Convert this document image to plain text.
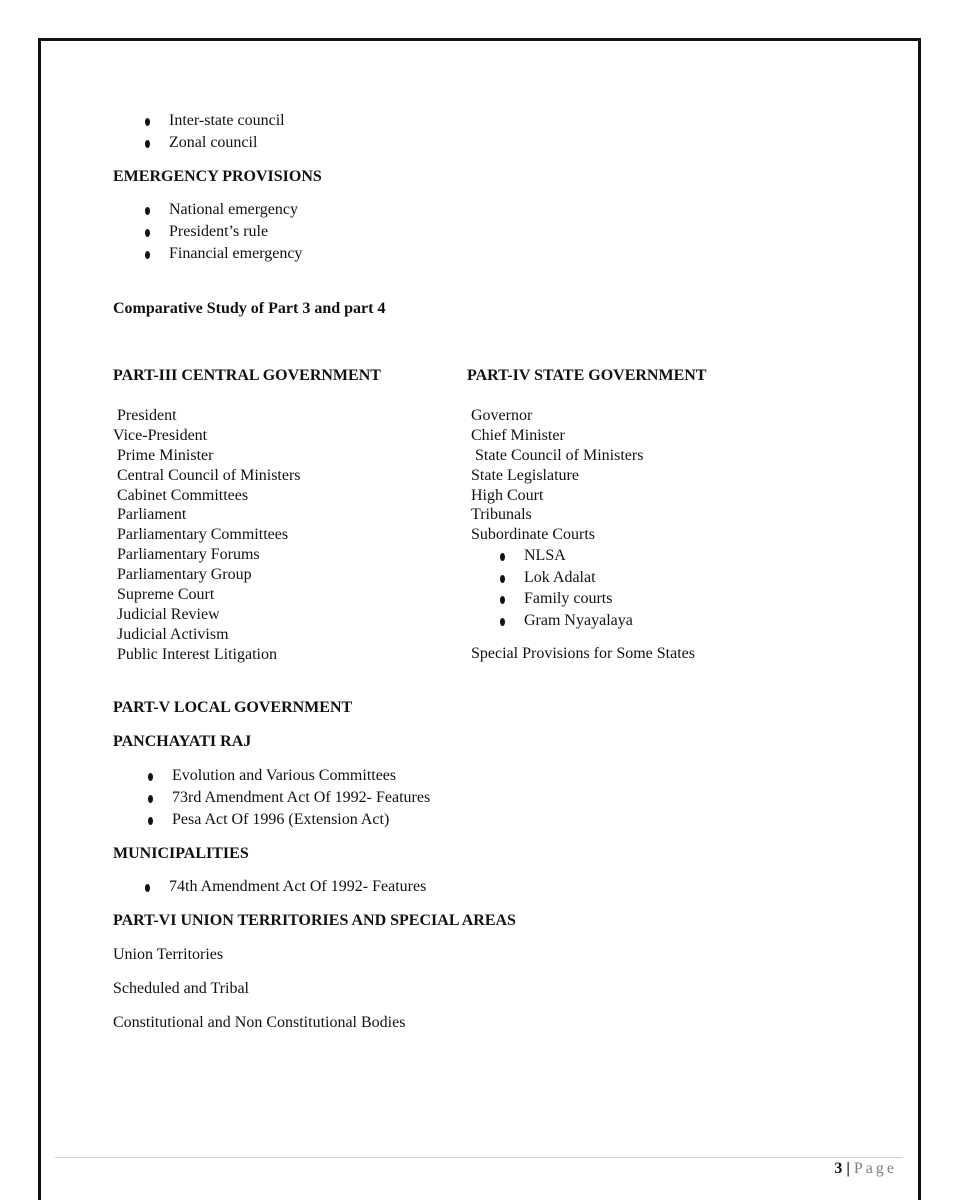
Inter-state council
Zonal council
EMERGENCY PROVISIONS
National emergency
President’s rule
Financial emergency
Comparative Study of Part 3 and part 4
PART-III CENTRAL GOVERNMENT
President
Vice-President
Prime Minister
Central Council of Ministers
Cabinet Committees
Parliament
Parliamentary Committees
Parliamentary Forums
Parliamentary Group
Supreme Court
Judicial Review
Judicial Activism
Public Interest Litigation
PART-IV STATE GOVERNMENT
Governor
Chief Minister
State Council of Ministers
State Legislature
High Court
Tribunals
Subordinate Courts
NLSA
Lok Adalat
Family courts
Gram Nyayalaya
Special Provisions for Some States
PART-V LOCAL GOVERNMENT
PANCHAYATI RAJ
Evolution and Various Committees
73rd Amendment Act Of 1992- Features
Pesa Act Of 1996 (Extension Act)
MUNICIPALITIES
74th Amendment Act Of 1992- Features
PART-VI UNION TERRITORIES AND SPECIAL AREAS
Union Territories
Scheduled and Tribal
Constitutional and Non Constitutional Bodies
3 | Page
